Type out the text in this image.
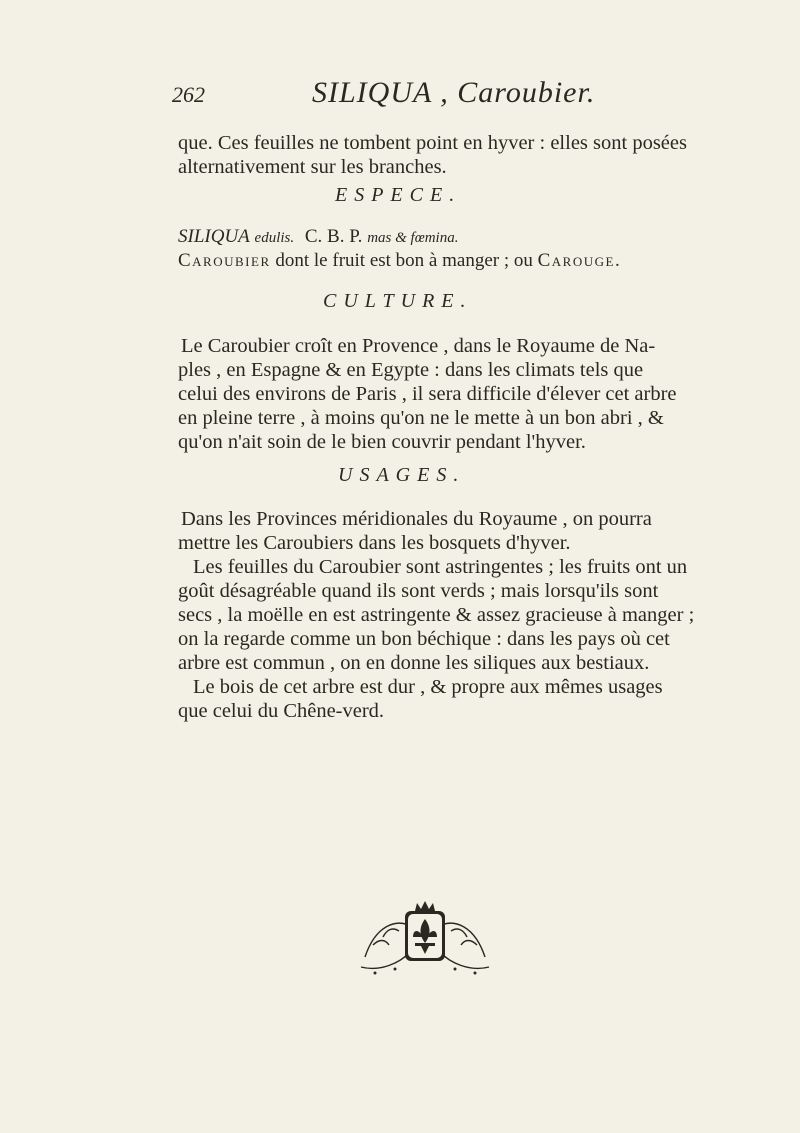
262	SILIQUA , Caroubier.
que. Ces feuilles ne tombent point en hyver : elles sont posées
alternativement sur les branches.
ESPECE.
SILIQUA edulis. C. B. P. mas & fœmina.
Caroubier dont le fruit est bon à manger ; ou Carouge.
CULTURE.
Le Caroubier croît en Provence , dans le Royaume de Na-
ples , en Espagne & en Egypte : dans les climats tels que
celui des environs de Paris , il sera difficile d'élever cet arbre
en pleine terre , à moins qu'on ne le mette à un bon abri , &
qu'on n'ait soin de le bien couvrir pendant l'hyver.
USAGES.
Dans les Provinces méridionales du Royaume , on pourra
mettre les Caroubiers dans les bosquets d'hyver.
Les feuilles du Caroubier sont astringentes ; les fruits ont un
goût désagréable quand ils sont verds ; mais lorsqu'ils sont
secs , la moëlle en est astringente & assez gracieuse à manger ;
on la regarde comme un bon béchique : dans les pays où cet
arbre est commun , on en donne les siliques aux bestiaux.
Le bois de cet arbre est dur , & propre aux mêmes usages
que celui du Chêne-verd.
